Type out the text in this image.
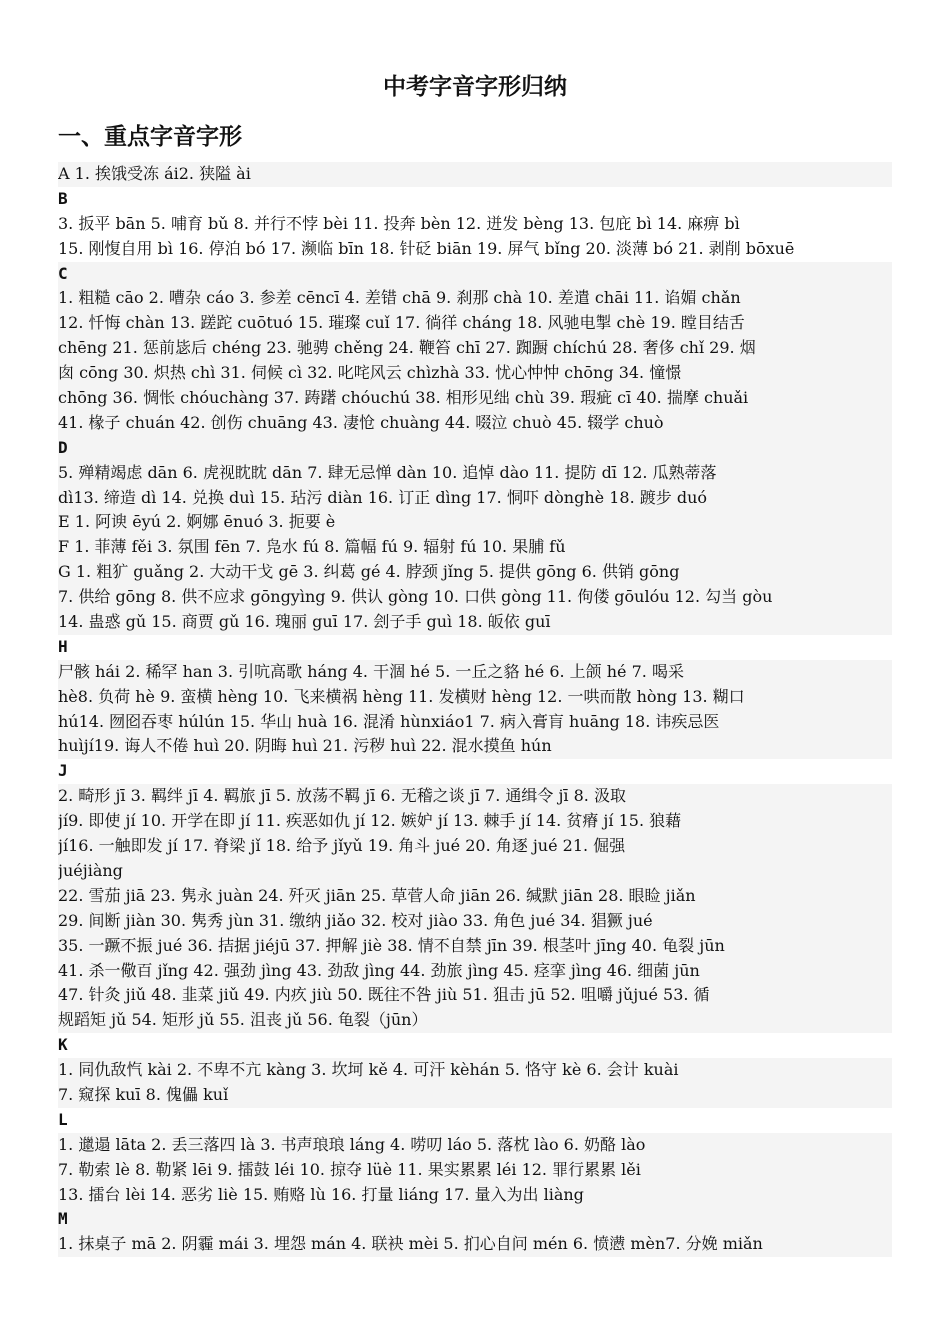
中考字音字形归纳
一、重点字音字形
A 1. 挨饿受冻 ái2. 狭隘 ài
B
3. 扳平 bān 5. 哺育 bǔ 8. 并行不悖 bèi 11. 投奔 bèn 12. 迸发 bèng 13. 包庇 bì 14. 麻痹 bì
15. 刚愎自用 bì 16. 停泊 bó 17. 濒临 bīn 18. 针砭 biān 19. 屏气 bǐng 20. 淡薄 bó 21. 剥削 bōxuē
C
1. 粗糙 cāo 2. 嘈杂 cáo 3. 参差 cēncī 4. 差错 chā 9. 刹那 chà 10. 差遣 chāi 11. 谄媚 chǎn
12. 忏悔 chàn 13. 蹉跎 cuōtuó 15. 璀璨 cuǐ 17. 徜徉 cháng 18. 风驰电掣 chè 19. 瞠目结舌
chēng 21. 惩前毖后 chéng 23. 驰骋 chěng 24. 鞭笞 chī 27. 踟蹰 chíchú 28. 奢侈 chǐ 29. 烟
囱 cōng 30. 炽热 chì 31. 伺候 cì 32. 叱咤风云 chìzhà 33. 忧心忡忡 chōng 34. 憧憬
chōng 36. 惆怅 chóuchàng 37. 踌躇 chóuchú 38. 相形见绌 chù 39. 瑕疵 cī 40. 揣摩 chuǎi
41. 椽子 chuán 42. 创伤 chuāng 43. 凄怆 chuàng 44. 啜泣 chuò 45. 辍学 chuò
D
5. 殚精竭虑 dān 6. 虎视眈眈 dān 7. 肆无忌惮 dàn 10. 追悼 dào 11. 提防 dī 12. 瓜熟蒂落
dì13. 缔造 dì 14. 兑换 duì 15. 玷污 diàn 16. 订正 dìng 17. 恫吓 dònghè 18. 踱步 duó
E 1. 阿谀 ēyú 2. 婀娜 ēnuó 3. 扼要 è
F 1. 菲薄 fěi 3. 氛围 fēn 7. 凫水 fú 8. 篇幅 fú 9. 辐射 fú 10. 果脯 fǔ
G 1. 粗犷 guǎng 2. 大动干戈 gē 3. 纠葛 gé 4. 脖颈 jǐng 5. 提供 gōng 6. 供销 gōng
7. 供给 gōng 8. 供不应求 gōngyìng 9. 供认 gòng 10. 口供 gòng 11. 佝偻 gōulóu 12. 勾当 gòu
14. 蛊惑 gǔ 15. 商贾 gǔ 16. 瑰丽 guī 17. 刽子手 guì 18. 皈依 guī
H
尸骸 hái 2. 稀罕 han 3. 引吭高歌 háng 4. 干涸 hé 5. 一丘之貉 hé 6. 上颌 hé 7. 喝采
hè8. 负荷 hè 9. 蛮横 hèng 10. 飞来横祸 hèng 11. 发横财 hèng 12. 一哄而散 hòng 13. 糊口
hú14. 囫囵吞枣 húlún 15. 华山 huà 16. 混淆 hùnxiáo1 7. 病入膏肓 huāng 18. 讳疾忌医
huìjí19. 诲人不倦 huì 20. 阴晦 huì 21. 污秽 huì 22. 混水摸鱼 hún
J
2. 畸形 jī 3. 羁绊 jī 4. 羁旅 jī 5. 放荡不羁 jī 6. 无稽之谈 jī 7. 通缉令 jī 8. 汲取
jí9. 即使 jí 10. 开学在即 jí 11. 疾恶如仇 jí 12. 嫉妒 jí 13. 棘手 jí 14. 贫瘠 jí 15. 狼藉
jí16. 一触即发 jí 17. 脊梁 jǐ 18. 给予 jǐyǔ 19. 角斗 jué 20. 角逐 jué 21. 倔强
juéjiàng
22. 雪茄 jiā 23. 隽永 juàn 24. 歼灭 jiān 25. 草菅人命 jiān 26. 缄默 jiān 28. 眼睑 jiǎn
29. 间断 jiàn 30. 隽秀 jùn 31. 缴纳 jiǎo 32. 校对 jiào 33. 角色 jué 34. 猖獗 jué
35. 一蹶不振 jué 36. 拮据 jiéjū 37. 押解 jiè 38. 情不自禁 jīn 39. 根茎叶 jīng 40. 龟裂 jūn
41. 杀一儆百 jǐng 42. 强劲 jìng 43. 劲敌 jìng 44. 劲旅 jìng 45. 痉挛 jìng 46. 细菌 jūn
47. 针灸 jiǔ 48. 韭菜 jiǔ 49. 内疚 jiù 50. 既往不咎 jiù 51. 狙击 jū 52. 咀嚼 jǔjué 53. 循
规蹈矩 jǔ 54. 矩形 jǔ 55. 沮丧 jǔ 56. 龟裂（jūn）
K
1. 同仇敌忾 kài 2. 不卑不亢 kàng 3. 坎坷 kě 4. 可汗 kèhán 5. 恪守 kè 6. 会计 kuài
7. 窥探 kuī 8. 傀儡 kuǐ
L
1. 邋遢 lāta 2. 丢三落四 là 3. 书声琅琅 láng 4. 唠叨 láo 5. 落枕 lào 6. 奶酪 lào
7. 勒索 lè 8. 勒紧 lēi 9. 擂鼓 léi 10. 掠夺 lüè 11. 果实累累 léi 12. 罪行累累 lěi
13. 擂台 lèi 14. 恶劣 liè 15. 贿赂 lù 16. 打量 liáng 17. 量入为出 liàng
M
1. 抹桌子 mā 2. 阴霾 mái 3. 埋怨 mán 4. 联袂 mèi 5. 扪心自问 mén 6. 愤懑 mèn7. 分娩 miǎn
